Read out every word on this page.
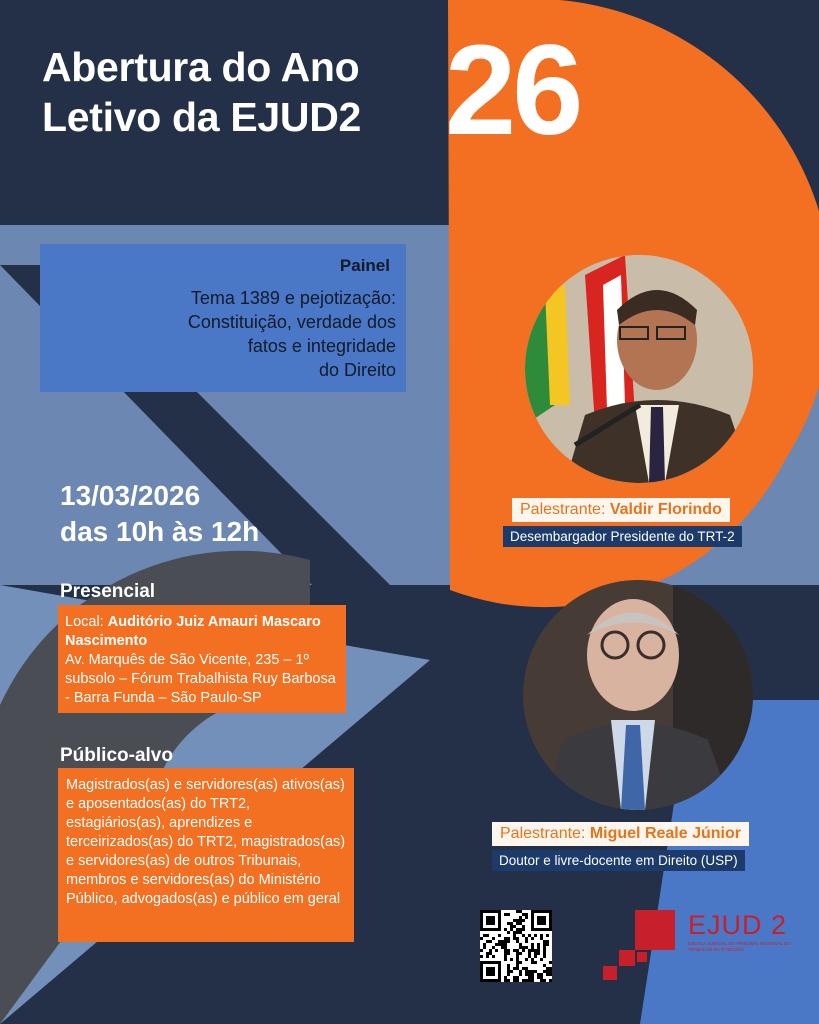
Abertura do Ano
Letivo da EJUD2 26
Painel
Tema 1389 e pejotização:
Constituição, verdade dos
fatos e integridade
do Direito
Palestrante: Valdir Florindo
Desembargador Presidente do TRT-2
13/03/2026
das 10h às 12h
Presencial
Local: Auditório Juiz Amauri Mascaro Nascimento
Av. Marquês de São Vicente, 235 – 1º subsolo – Fórum Trabalhista Ruy Barbosa - Barra Funda – São Paulo-SP
Público-alvo
Magistrados(as) e servidores(as) ativos(as) e aposentados(as) do TRT2, estagiários(as), aprendizes e terceirizados(as) do TRT2, magistrados(as) e servidores(as) de outros Tribunais, membros e servidores(as) do Ministério Público, advogados(as) e público em geral
Palestrante: Miguel Reale Júnior
Doutor e livre-docente em Direito (USP)
EJUD 2
ESCOLA JUDICIAL DO TRIBUNAL REGIONAL DO TRABALHO DA 2ª REGIÃO
